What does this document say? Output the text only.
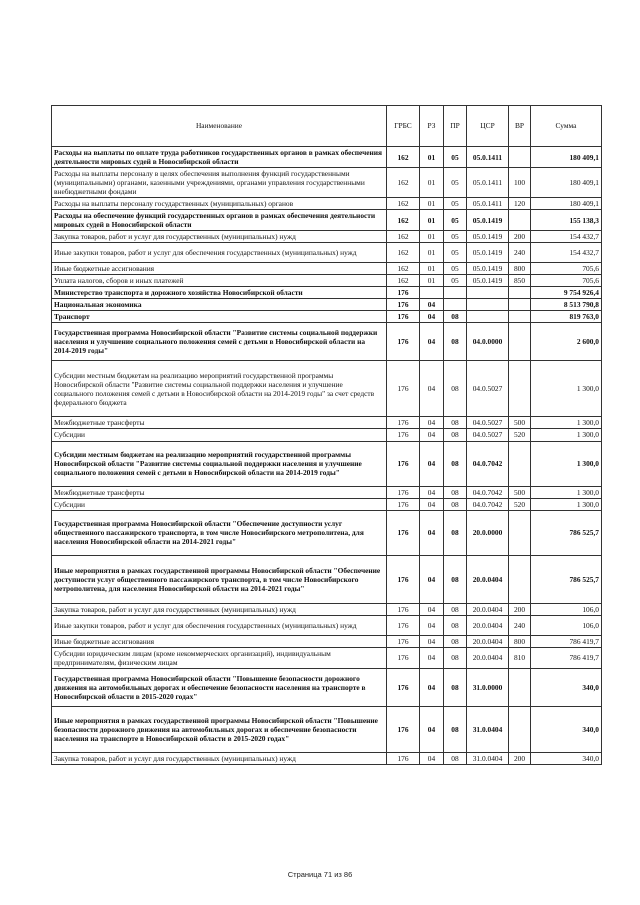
Наименование	ГРБС	РЗ	ПР	ЦСР	ВР	Сумма
Расходы на выплаты по оплате труда работников государственных органов в рамках обеспечения деятельности мировых судей в Новосибирской области	162	01	05	05.0.1411		180 409,1
Расходы на выплаты персоналу в целях обеспечения выполнения функций государственными (муниципальными) органами, казенными учреждениями, органами управления государственными внебюджетными фондами	162	01	05	05.0.1411	100	180 409,1
Расходы на выплаты персоналу государственных (муниципальных) органов	162	01	05	05.0.1411	120	180 409,1
Расходы на обеспечение функций государственных органов в рамках обеспечения деятельности мировых судей в Новосибирской области	162	01	05	05.0.1419		155 138,3
Закупка товаров, работ и услуг для государственных (муниципальных) нужд	162	01	05	05.0.1419	200	154 432,7
Иные закупки товаров, работ и услуг для обеспечения государственных (муниципальных) нужд	162	01	05	05.0.1419	240	154 432,7
Иные бюджетные ассигнования	162	01	05	05.0.1419	800	705,6
Уплата налогов, сборов и иных платежей	162	01	05	05.0.1419	850	705,6
Министерство транспорта и дорожного хозяйства Новосибирской области	176					9 754 926,4
Национальная экономика	176	04				8 513 790,8
Транспорт	176	04	08			819 763,0
Государственная программа Новосибирской области "Развитие системы социальной поддержки населения и улучшение социального положения семей с детьми в Новосибирской области на 2014-2019 годы"	176	04	08	04.0.0000		2 600,0
Субсидии местным бюджетам на реализацию мероприятий государственной программы Новосибирской области "Развитие системы социальной поддержки населения и улучшение социального положения семей с детьми в Новосибирской области на 2014-2019 годы" за счет средств федерального бюджета	176	04	08	04.0.5027		1 300,0
Межбюджетные трансферты	176	04	08	04.0.5027	500	1 300,0
Субсидии	176	04	08	04.0.5027	520	1 300,0
Субсидии местным бюджетам на реализацию мероприятий государственной программы Новосибирской области "Развитие системы социальной поддержки населения и улучшение социального положения семей с детьми в Новосибирской области на 2014-2019 годы"	176	04	08	04.0.7042		1 300,0
Межбюджетные трансферты	176	04	08	04.0.7042	500	1 300,0
Субсидии	176	04	08	04.0.7042	520	1 300,0
Государственная программа Новосибирской области "Обеспечение доступности услуг общественного пассажирского транспорта, в том числе Новосибирского метрополитена, для населения Новосибирской области на 2014-2021 годы"	176	04	08	20.0.0000		786 525,7
Иные мероприятия в рамках государственной программы Новосибирской области "Обеспечение доступности услуг общественного пассажирского транспорта, в том числе Новосибирского метрополитена, для населения Новосибирской области на 2014-2021 годы"	176	04	08	20.0.0404		786 525,7
Закупка товаров, работ и услуг для государственных (муниципальных) нужд	176	04	08	20.0.0404	200	106,0
Иные закупки товаров, работ и услуг для обеспечения государственных (муниципальных) нужд	176	04	08	20.0.0404	240	106,0
Иные бюджетные ассигнования	176	04	08	20.0.0404	800	786 419,7
Субсидии юридическим лицам (кроме некоммерческих организаций), индивидуальным предпринимателям, физическим лицам	176	04	08	20.0.0404	810	786 419,7
Государственная программа Новосибирской области "Повышение безопасности дорожного движения на автомобильных дорогах и обеспечение безопасности населения на транспорте в Новосибирской области в 2015-2020 годах"	176	04	08	31.0.0000		340,0
Иные мероприятия в рамках государственной программы Новосибирской области "Повышение безопасности дорожного движения на автомобильных дорогах и обеспечение безопасности населения на транспорте в Новосибирской области в 2015-2020 годах"	176	04	08	31.0.0404		340,0
Закупка товаров, работ и услуг для государственных (муниципальных) нужд	176	04	08	31.0.0404	200	340,0
Страница 71 из 86
